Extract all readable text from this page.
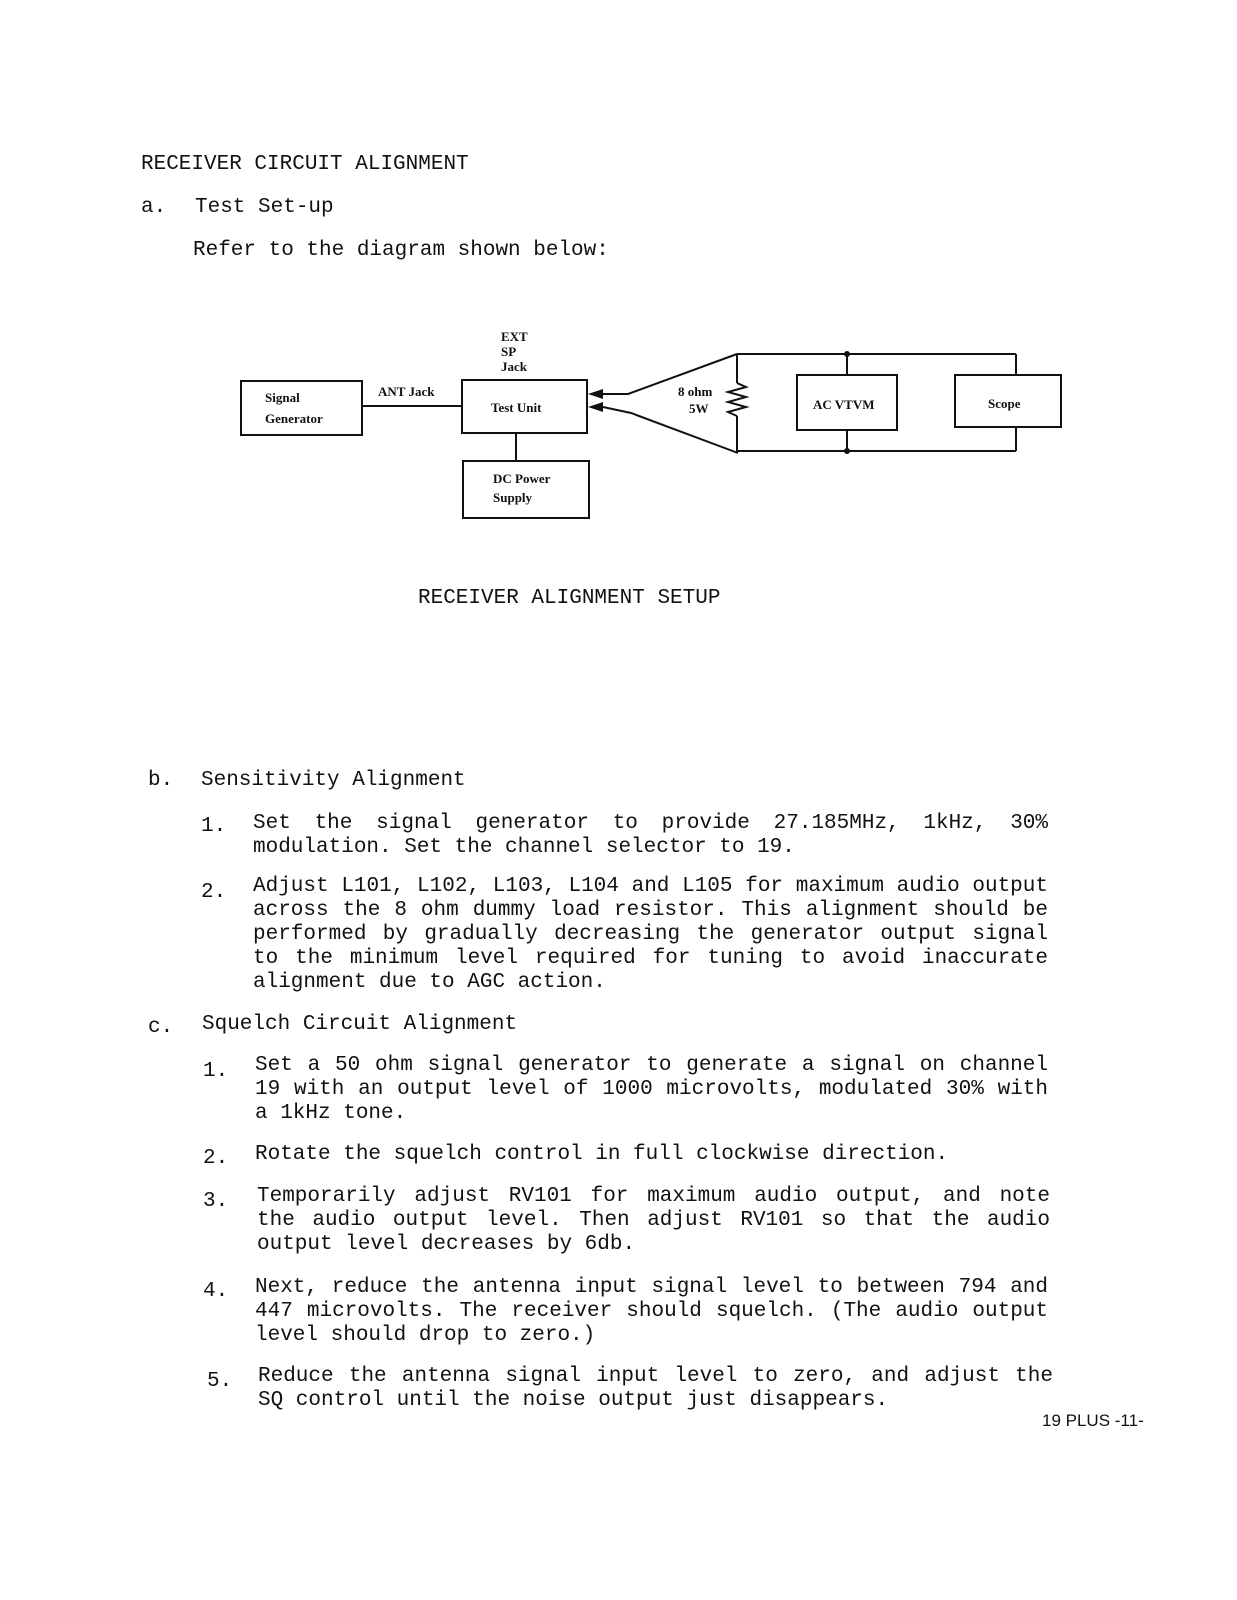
RECEIVER CIRCUIT ALIGNMENT
a. Test Set-up
Refer to the diagram shown below:
Signal
Generator
ANT Jack
EXT
SP
Jack
Test Unit
DC Power
Supply
8 ohm
5W	AC VTVM	Scope
RECEIVER ALIGNMENT SETUP
b. Sensitivity Alignment
1. Set the signal generator to provide 27.185MHz, 1kHz, 30% modulation. Set the channel selector to 19.
2. Adjust L101, L102, L103, L104 and L105 for maximum audio output across the 8 ohm dummy load resistor. This alignment should be performed by gradually decreasing the generator output signal to the minimum level required for tuning to avoid inaccurate alignment due to AGC action.
c. Squelch Circuit Alignment
1. Set a 50 ohm signal generator to generate a signal on channel 19 with an output level of 1000 microvolts, modulated 30% with a 1kHz tone.
2. Rotate the squelch control in full clockwise direction.
3. Temporarily adjust RV101 for maximum audio output, and note the audio output level. Then adjust RV101 so that the audio output level decreases by 6db.
4. Next, reduce the antenna input signal level to between 794 and 447 microvolts. The receiver should squelch. (The audio output level should drop to zero.)
5. Reduce the antenna signal input level to zero, and adjust the SQ control until the noise output just disappears.
19 PLUS -11-
